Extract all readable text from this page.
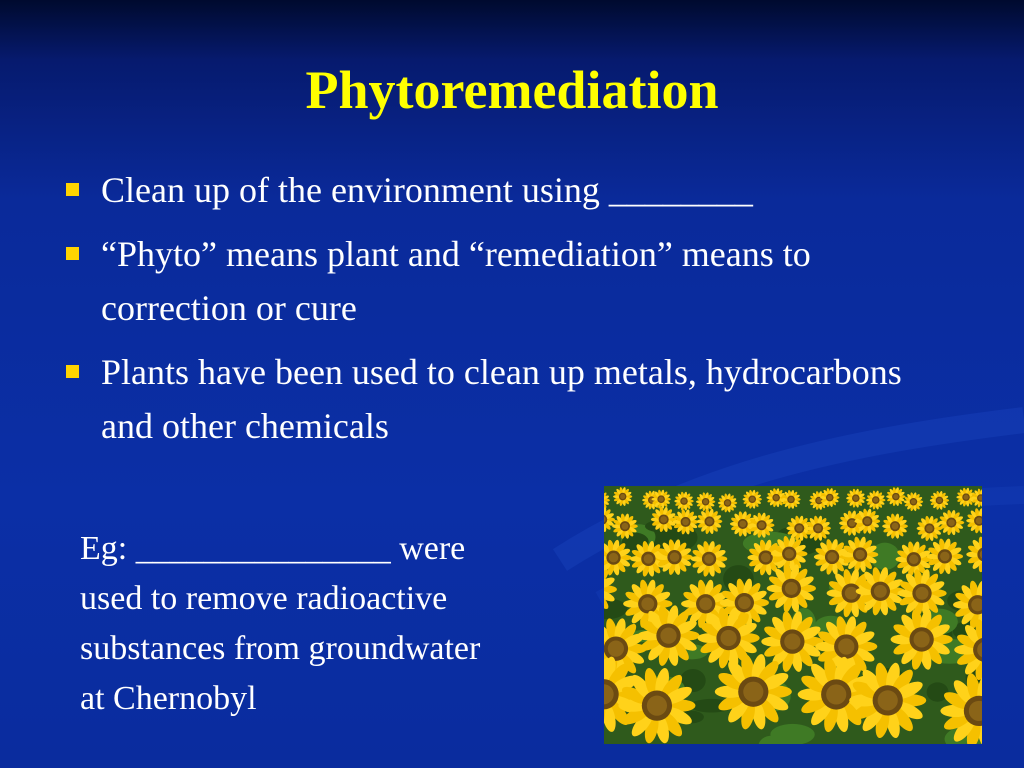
Phytoremediation
Clean up of the environment using ________
“Phyto” means plant and “remediation” means to correction or cure
Plants have been used to clean up metals, hydrocarbons and other chemicals

Eg: _______________ were
used to remove radioactive
substances from groundwater
at Chernobyl
